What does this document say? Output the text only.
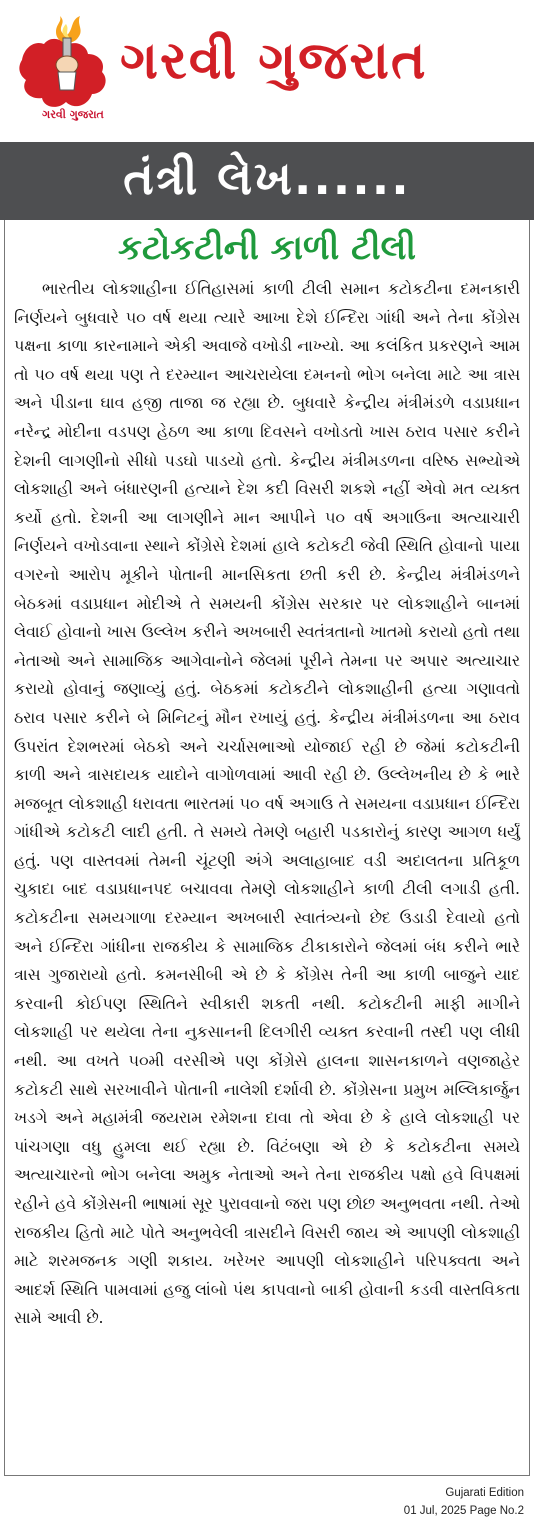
ગરવી ગુજરાત
ગરવી ગુજરાત
તંત્રી લેખ......
કટોકટીની કાળી ટીલી
ભારતીય લોકશાહીના ઈતિહાસમાં કાળી ટીલી સમાન કટોકટીના દમનકારી નિર્ણયને બુધવારે ૫૦ વર્ષ થયા ત્યારે આખા દેશે ઈન્દિરા ગાંધી અને તેના કોંગ્રેસ પક્ષના કાળા કારનામાને એકી અવાજે વખોડી નાખ્યો. આ કલંકિત પ્રકરણને આમ તો ૫૦ વર્ષ થયા પણ તે દરમ્યાન આચરાયેલા દમનનો ભોગ બનેલા માટે આ ત્રાસ અને પીડાના ઘાવ હજી તાજા જ રહ્યા છે. બુધવારે કેન્દ્રીય મંત્રીમંડળે વડાપ્રધાન નરેન્દ્ર મોદીના વડપણ હેઠળ આ કાળા દિવસને વખોડતો ખાસ ઠરાવ પસાર કરીને દેશની લાગણીનો સીધો પડઘો પાડયો હતો. કેન્દ્રીય મંત્રીમડળના વરિષ્ઠ સભ્યોએ લોકશાહી અને બંધારણની હત્યાને દેશ કદી વિસરી શકશે નહીં એવો મત વ્યક્ત કર્યો હતો. દેશની આ લાગણીને માન આપીને ૫૦ વર્ષ અગાઉના અત્યાચારી નિર્ણયને વખોડવાના સ્થાને કોંગ્રેસે દેશમાં હાલે કટોકટી જેવી સ્થિતિ હોવાનો પાયા વગરનો આરોપ મૂકીને પોતાની માનસિકતા છતી કરી છે. કેન્દ્રીય મંત્રીમંડળને બેઠકમાં વડાપ્રધાન મોદીએ તે સમયની કોંગ્રેસ સરકાર પર લોકશાહીને બાનમાં લેવાઈ હોવાનો ખાસ ઉલ્લેખ કરીને અખબારી સ્વતંત્રતાનો ખાતમો કરાયો હતો તથા નેતાઓ અને સામાજિક આગેવાનોને જેલમાં પૂરીને તેમના પર અપાર અત્યાચાર કરાયો હોવાનું જણાવ્યું હતું. બેઠકમાં કટોકટીને લોકશાહીની હત્યા ગણાવતો ઠરાવ પસાર કરીને બે મિનિટનું મૌન રખાયું હતું. કેન્દ્રીય મંત્રીમંડળના આ ઠરાવ ઉપરાંત દેશભરમાં બેઠકો અને ચર્ચાસભાઓ યોજાઈ રહી છે જેમાં કટોકટીની કાળી અને ત્રાસદાયક યાદોને વાગોળવામાં આવી રહી છે. ઉલ્લેખનીય છે કે ભારે મજબૂત લોકશાહી ધરાવતા ભારતમાં ૫૦ વર્ષ અગાઉ તે સમયના વડાપ્રધાન ઈન્દિરા ગાંધીએ કટોકટી લાદી હતી. તે સમયે તેમણે બહારી પડકારોનું કારણ આગળ ધર્યું હતું. પણ વાસ્તવમાં તેમની ચૂંટણી અંગે અલાહાબાદ વડી અદાલતના પ્રતિકૂળ ચુકાદા બાદ વડાપ્રધાનપદ બચાવવા તેમણે લોકશાહીને કાળી ટીલી લગાડી હતી. કટોકટીના સમયગાળા દરમ્યાન અખબારી સ્વાતંત્ર્યનો છેદ ઉડાડી દેવાયો હતો અને ઈન્દિરા ગાંધીના રાજકીય કે સામાજિક ટીકાકારોને જેલમાં બંધ કરીને ભારે ત્રાસ ગુજારાયો હતો. કમનસીબી એ છે કે કોંગ્રેસ તેની આ કાળી બાજુને યાદ કરવાની કોઈપણ સ્થિતિને સ્વીકારી શકતી નથી. કટોકટીની માફી માગીને લોકશાહી પર થયેલા તેના નુકસાનની દિલગીરી વ્યક્ત કરવાની તસ્દી પણ લીધી નથી. આ વખતે ૫૦મી વરસીએ પણ કોંગ્રેસે હાલના શાસનકાળને વણજાહેર કટોકટી સાથે સરખાવીને પોતાની નાલેશી દર્શાવી છે. કોંગ્રેસના પ્રમુખ મલ્લિકાર્જુન ખડગે અને મહામંત્રી જયરામ રમેશના દાવા તો એવા છે કે હાલે લોકશાહી પર પાંચગણા વધુ હુમલા થઈ રહ્યા છે. વિટંબણા એ છે કે કટોકટીના સમયે અત્યાચારનો ભોગ બનેલા અમુક નેતાઓ અને તેના રાજકીય પક્ષો હવે વિપક્ષમાં રહીને હવે કોંગ્રેસની ભાષામાં સૂર પુરાવવાનો જરા પણ છોછ અનુભવતા નથી. તેઓ રાજકીય હિતો માટે પોતે અનુભવેલી ત્રાસદીને વિસરી જાય એ આપણી લોકશાહી માટે શરમજનક ગણી શકાય. ખરેખર આપણી લોકશાહીને પરિપક્વતા અને આદર્શ સ્થિતિ પામવામાં હજુ લાંબો પંથ કાપવાનો બાકી હોવાની કડવી વાસ્તવિકતા સામે આવી છે.
Gujarati Edition
01 Jul, 2025 Page No.2
